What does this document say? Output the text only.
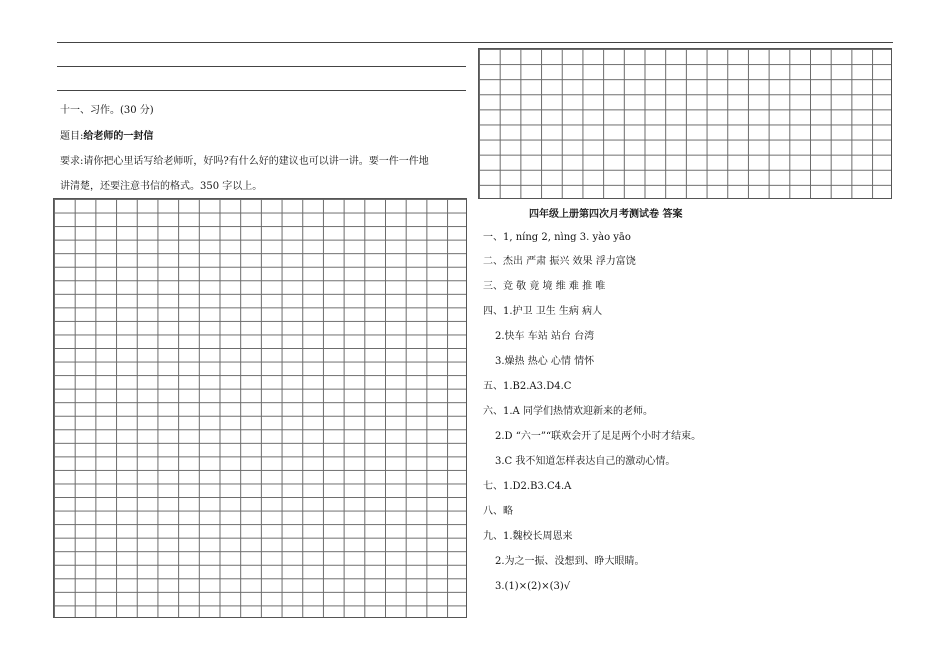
十一、习作。(30 分)
题目:给老师的一封信
要求:请你把心里话写给老师听，好吗?有什么好的建议也可以讲一讲。要一件一件地
讲清楚，还要注意书信的格式。350 字以上。
四年级上册第四次月考测试卷 答案
一、1, níng 2, nìng 3. yào yāo
二、杰出 严肃 振兴 效果 浮力富饶
三、竞 敬 竟 境 维 难 推 唯
四、1.护卫 卫生 生病 病人
2.快车 车站 站台 台湾
3.燥热 热心 心情 情怀
五、1.B2.A3.D4.C
六、1.A 同学们热情欢迎新来的老师。
2.D “六一”“联欢会开了足足两个小时才结束。
3.C 我不知道怎样表达自己的激动心情。
七、1.D2.B3.C4.A
八、略
九、1.魏校长周恩来
2.为之一振、没想到、睁大眼睛。
3.(1)×(2)×(3)√
